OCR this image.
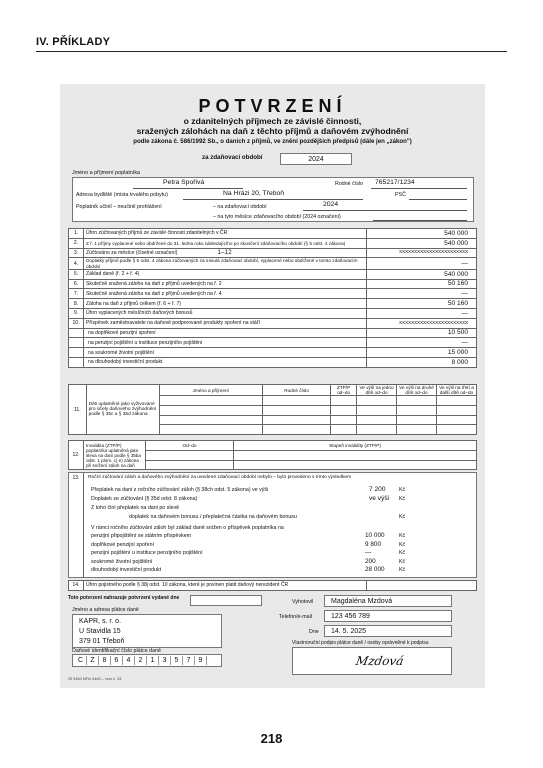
IV. PŘÍKLADY
POTVRZENÍ
o zdanitelných příjmech ze závislé činnosti,
sražených zálohách na daň z těchto příjmů a daňovém zvýhodnění
podle zákona č. 586/1992 Sb., o daních z příjmů, ve znění pozdějších předpisů (dále jen „zákon")
za zdaňovací období	2024
Jméno a příjmení poplatníka
Petra Spořivá	Rodné číslo 765217/1234
Adresa bydliště (místa trvalého pobytu)	Na Hrázi 20, Třeboň	PSČ
Poplatník učinil – neučinil prohlášení	– na zdaňovací období	2024
– na tyto měsíce zdaňovacího období (2024 označení)
1.	Úhrn zúčtovaných příjmů ze závislé činnosti zdanitelných v ČR	540 000
2.	Z ř. 1 příjmy vyplacené nebo obdržené do 31. ledna roku následujícího po skončení zdaňovacího období (§ 5 odst. 4 zákona)	540 000
3.	Zúčtováno za měsíce (číselné označení) 1–12	XXXXXXXXXXXXXXXXXXXXXXX
4.	Doplatky příjmů podle § 5 odst. 4 zákona zúčtovaných za minulá zdaňovací období, vyplacené nebo obdržené v tomto zdaňovacím období	—
5.	Základ daně (ř. 2 + ř. 4)	540 000
6.	Skutečně sražená záloha na daň z příjmů uvedených na ř. 2	50 160
7.	Skutečně sražená záloha na daň z příjmů uvedených na ř. 4	—
8.	Záloha na daň z příjmů celkem (ř. 6 + ř. 7)	50 160
9.	Úhrn vyplacených měsíčních daňových bonusů	—
10.	Příspěvek zaměstnavatele na daňově podporované produkty spoření na stáří	XXXXXXXXXXXXXXXXXXXXXXX
	na doplňkové penzijní spoření	10 500
	na penzijní pojištění u instituce penzijního pojištění	—
	na soukromé životní pojištění	15 000
	na dlouhodobý investiční produkt	8 000
11.	Děti uplatněné jako vyživované pro účely daňového zvýhodnění podle § 35c a § 35d zákona	Jméno a příjmení	Rodné číslo	ZTP/P od–do	Ve výši na jedno dítě od–do	Ve výši na druhé dítě od–do	Ve výši na třetí a další dítě od–do

12.	Invalidita (ZTP/P) poplatníka uplatněná jako sleva na dani podle § 35ba odst. 1 písm. c) e) zákona při snížení záloh na daň	Od–do	Stupeň invalidity (ZTP/P)

13.	Roční zúčtování záloh a daňového zvýhodnění za uvedené zdaňovací období nebylo – bylo provedeno s tímto výsledkem
Přeplatek na dani z ročního zúčtování záloh (§ 38ch odst. 5 zákona) ve výši	7 200	Kč
Doplatek ze zúčtování (§ 35d odst. 8 zákona)	ve výši Kč
Z toho činí přeplatek na dani po slevě
doplatek na daňovém bonusu / přeplatečná částka na daňovém bonusu	Kč
V rámci ročního zúčtování záloh byl základ daně snížen o příspěvek poplatníka na
penzijní připojištění se státním příspěvkem	10 000	Kč
doplňkové penzijní spoření	9 800	Kč
penzijní pojištění u instituce penzijního pojištění	—	Kč
soukromé životní pojištění	200	Kč
dlouhodobý investiční produkt	28 000	Kč
14.	Úhrn pojistného podle § 38j odst. 10 zákona, které je povinen platit daňový nerezident ČR	
Toto potvrzení nahrazuje potvrzení vydané dne
Jméno a adresa plátce daně
KAPR, s. r. o.
U Stavidla 15
379 01 Třeboň
Daňové identifikační číslo plátce daně
C	Z	8	6	4	2	1	3	5	7	9
Vyhotovil	Magdaléna Mzdová
Telefon/e-mail	123 456 789
Dne	14. 5. 2025
Vlastnoruční podpis plátce daně / osoby oprávněné k podpisu
Mzdová
25 5460 MFin 5460 – vzor č. 33
218
